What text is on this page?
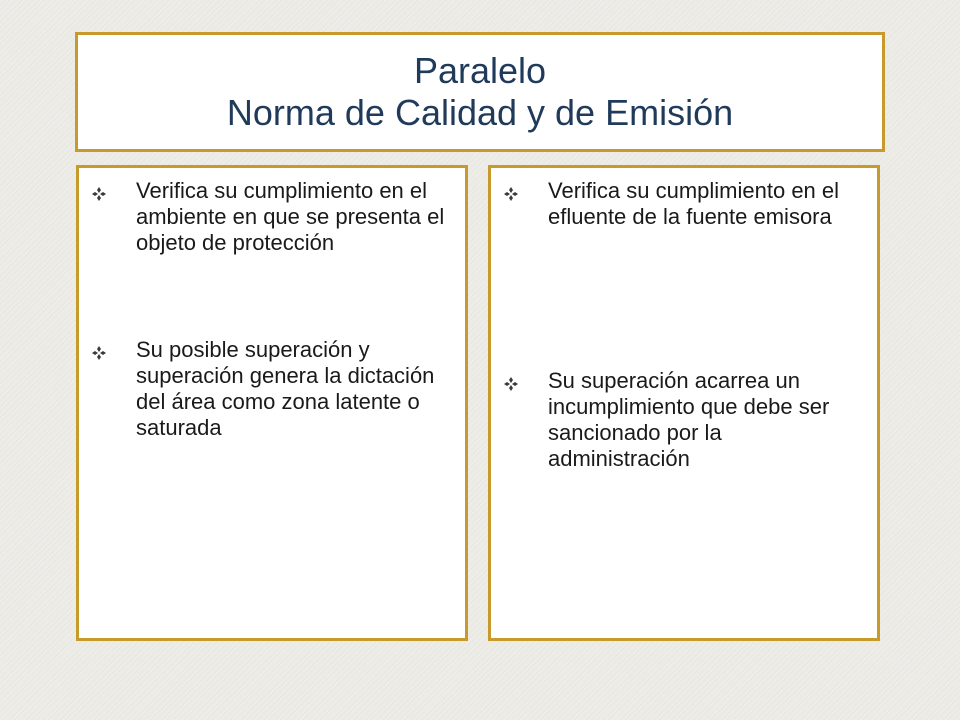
Paralelo
Norma de Calidad y de Emisión
Verifica su cumplimiento en el ambiente en que se presenta el objeto de protección
Su posible superación y superación genera la dictación del área como zona latente o saturada
Verifica su cumplimiento en el efluente de la fuente emisora
Su superación acarrea un incumplimiento que debe ser sancionado por la administración
